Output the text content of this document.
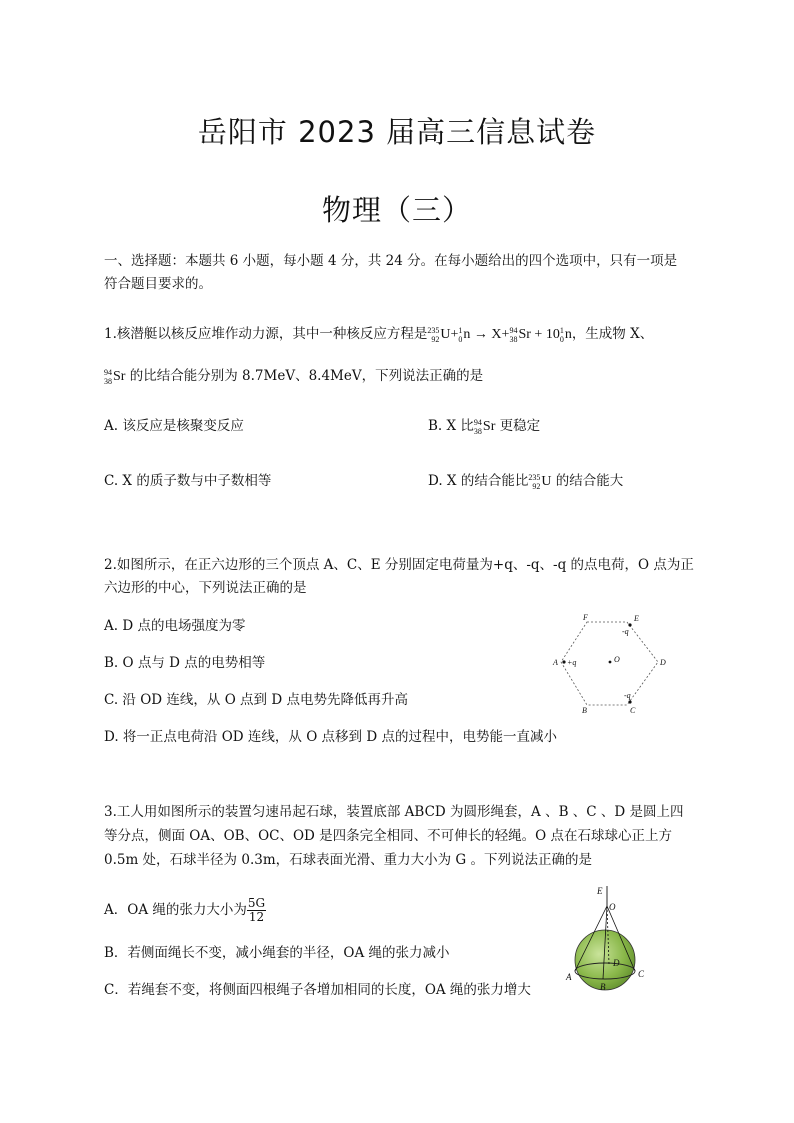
岳阳市 2023 届高三信息试卷
物理（三）
一、选择题：本题共 6 小题，每小题 4 分，共 24 分。在每小题给出的四个选项中，只有一项是
符合题目要求的。
1.核潜艇以核反应堆作动力源，其中一种核反应方程是 235
92 U+ 1
0 n → X+ 94
38 Sr + 10 1
0 n，生成物 X、
94
38 Sr 的比结合能分别为 8.7MeV、8.4MeV，下列说法正确的是
A. 该反应是核聚变反应	B. X 比 94
38 Sr 更稳定
C. X 的质子数与中子数相等	D. X 的结合能比 235
92 U 的结合能大
2.如图所示，在正六边形的三个顶点 A、C、E 分别固定电荷量为+q、-q、-q 的点电荷，O 点为正
六边形的中心，下列说法正确的是
A. D 点的电场强度为零
B. O 点与 D 点的电势相等
C. 沿 OD 连线，从 O 点到 D 点电势先降低再升高
D. 将一正点电荷沿 OD 连线，从 O 点移到 D 点的过程中，电势能一直减小
F	E
-q
A +q	O	D
-q
B	C
3.工人用如图所示的装置匀速吊起石球，装置底部 ABCD 为圆形绳套，A 、B 、C 、D 是圆上四
等分点，侧面 OA、OB、OC、OD 是四条完全相同、不可伸长的轻绳。O 点在石球球心正上方
0.5m 处，石球半径为 0.3m，石球表面光滑、重力大小为 G 。下列说法正确的是
A．OA 绳的张力大小为 $\frac{5G}{12}$
B．若侧面绳长不变，减小绳套的半径，OA 绳的张力减小
C．若绳套不变，将侧面四根绳子各增加相同的长度，OA 绳的张力增大
E
O
D
A
B
C
